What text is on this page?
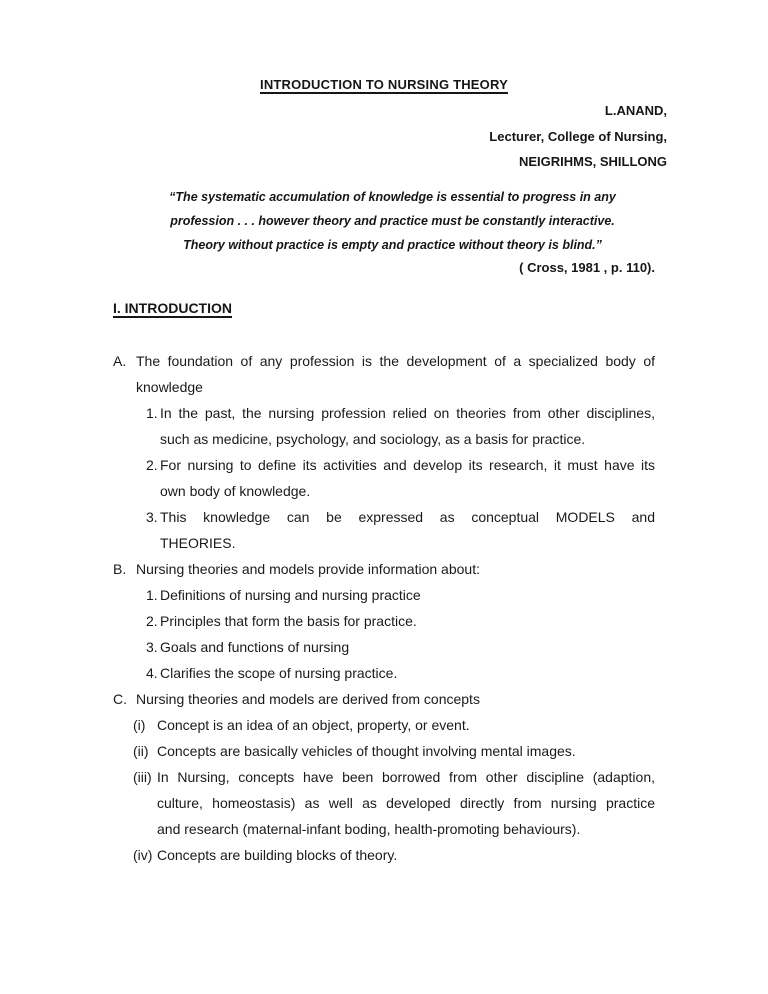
INTRODUCTION TO NURSING THEORY
L.ANAND,
Lecturer, College of Nursing,
NEIGRIHMS, SHILLONG
“The systematic accumulation of knowledge is essential to progress in any
profession . . . however theory and practice must be constantly interactive.
Theory without practice is empty and practice without theory is blind.”
( Cross, 1981 , p. 110).
I. INTRODUCTION
A. The foundation of any profession is the development of a specialized body of
knowledge
1. In the past, the nursing profession relied on theories from other disciplines,
such as medicine, psychology, and sociology, as a basis for practice.
2. For nursing to define its activities and develop its research, it must have its
own body of knowledge.
3. This knowledge can be expressed as conceptual MODELS and
THEORIES.
B. Nursing theories and models provide information about:
1. Definitions of nursing and nursing practice
2. Principles that form the basis for practice.
3. Goals and functions of nursing
4. Clarifies the scope of nursing practice.
C. Nursing theories and models are derived from concepts
(i) Concept is an idea of an object, property, or event.
(ii) Concepts are basically vehicles of thought involving mental images.
(iii) In Nursing, concepts have been borrowed from other discipline (adaption,
culture, homeostasis) as well as developed directly from nursing practice
and research (maternal-infant boding, health-promoting behaviours).
(iv) Concepts are building blocks of theory.
